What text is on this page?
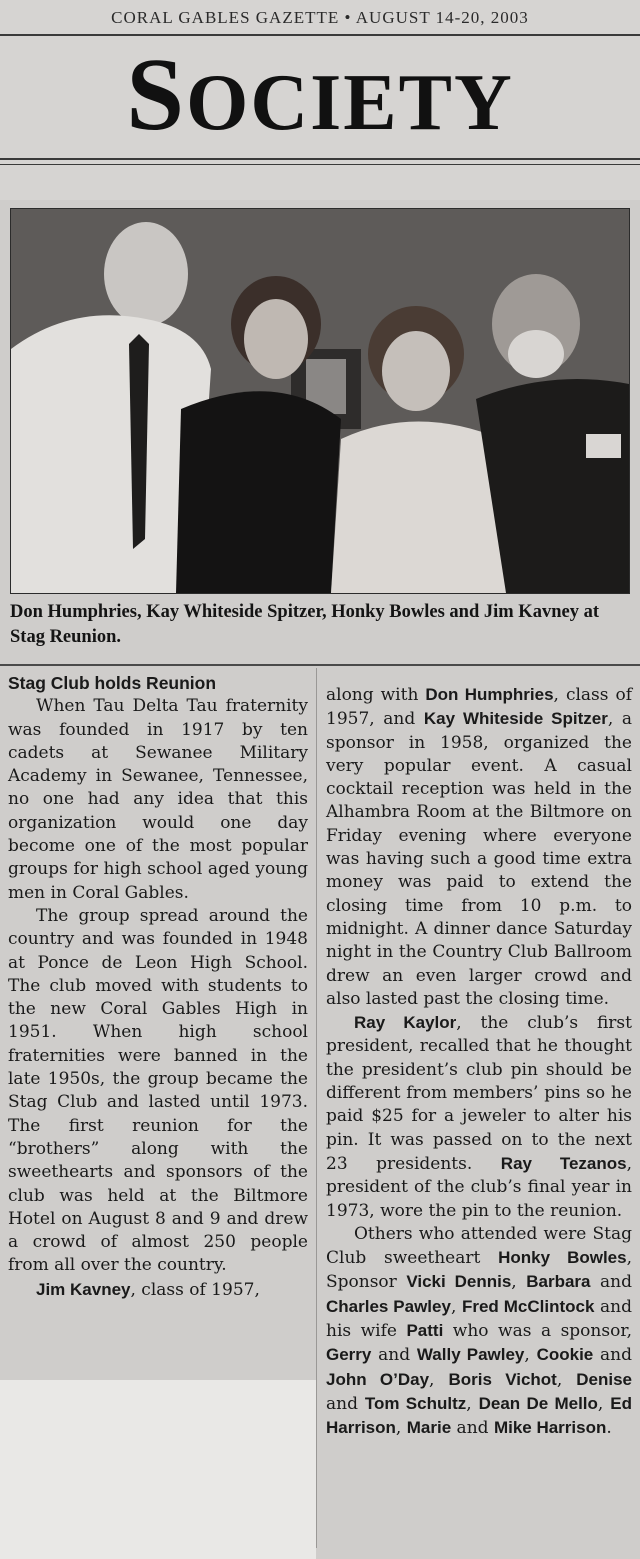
CORAL GABLES GAZETTE • AUGUST 14-20, 2003
SOCIETY
Don Humphries, Kay Whiteside Spitzer, Honky Bowles and Jim Kavney at Stag Reunion.

Stag Club holds Reunion

When Tau Delta Tau fraternity was founded in 1917 by ten cadets at Sewanee Military Academy in Sewanee, Tennessee, no one had any idea that this organization would one day become one of the most popular groups for high school aged young men in Coral Gables.

The group spread around the country and was founded in 1948 at Ponce de Leon High School. The club moved with students to the new Coral Gables High in 1951. When high school fraternities were banned in the late 1950s, the group became the Stag Club and lasted until 1973. The first reunion for the “brothers” along with the sweethearts and sponsors of the club was held at the Biltmore Hotel on August 8 and 9 and drew a crowd of almost 250 people from all over the country.

Jim Kavney, class of 1957,

along with Don Humphries, class of 1957, and Kay Whiteside Spitzer, a sponsor in 1958, organized the very popular event. A casual cocktail reception was held in the Alhambra Room at the Biltmore on Friday evening where everyone was having such a good time extra money was paid to extend the closing time from 10 p.m. to midnight. A dinner dance Saturday night in the Country Club Ballroom drew an even larger crowd and also lasted past the closing time.

Ray Kaylor, the club’s first president, recalled that he thought the president’s club pin should be different from members’ pins so he paid $25 for a jeweler to alter his pin. It was passed on to the next 23 presidents. Ray Tezanos, president of the club’s final year in 1973, wore the pin to the reunion.

Others who attended were Stag Club sweetheart Honky Bowles, Sponsor Vicki Dennis, Barbara and Charles Pawley, Fred McClintock and his wife Patti who was a sponsor, Gerry and Wally Pawley, Cookie and John O’Day, Boris Vichot, Denise and Tom Schultz, Dean De Mello, Ed Harrison, Marie and Mike Harrison.
